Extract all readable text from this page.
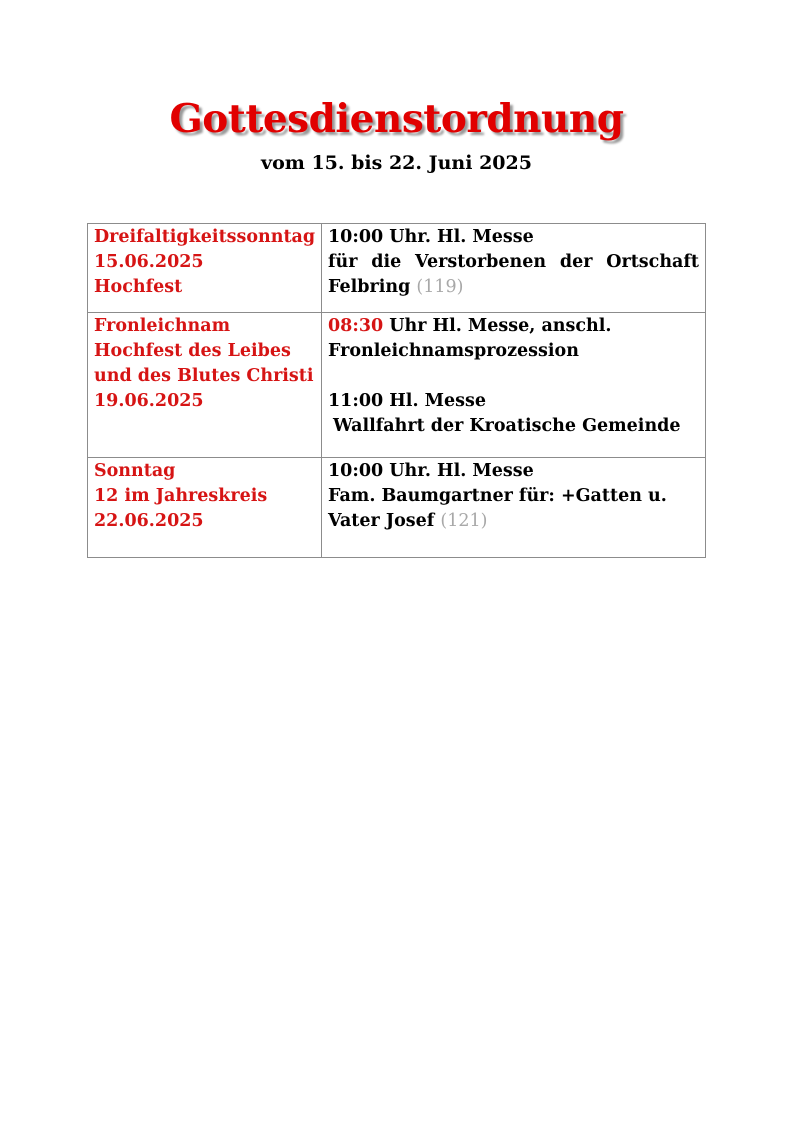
Gottesdienstordnung
vom 15. bis 22. Juni 2025
Dreifaltigkeitssonntag
15.06.2025
Hochfest	10:00 Uhr. Hl. Messe
für die Verstorbenen der Ortschaft
Felbring (119)

Fronleichnam
Hochfest des Leibes
und des Blutes Christi
19.06.2025	08:30 Uhr Hl. Messe, anschl.
Fronleichnamsprozession
11:00 Hl. Messe
Wallfahrt der Kroatische Gemeinde

Sonntag
12 im Jahreskreis
22.06.2025	10:00 Uhr. Hl. Messe
Fam. Baumgartner für: +Gatten u.
Vater Josef (121)
